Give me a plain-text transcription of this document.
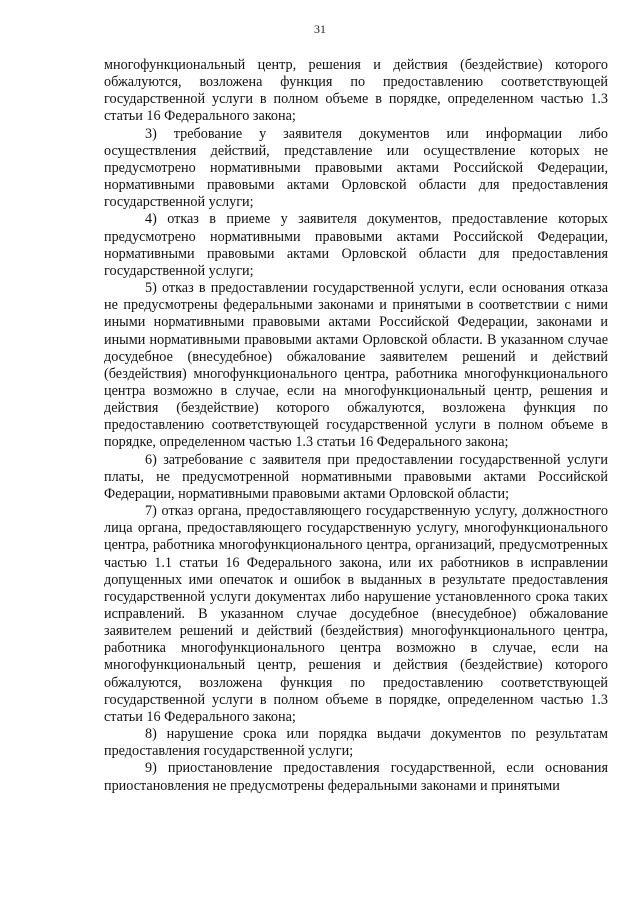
31

многофункциональный центр, решения и действия (бездействие) которого обжалуются, возложена функция по предоставлению соответствующей государственной услуги в полном объеме в порядке, определенном частью 1.3 статьи 16 Федерального закона;

3) требование у заявителя документов или информации либо осуществления действий, представление или осуществление которых не предусмотрено нормативными правовыми актами Российской Федерации, нормативными правовыми актами Орловской области для предоставления государственной услуги;

4) отказ в приеме у заявителя документов, предоставление которых предусмотрено нормативными правовыми актами Российской Федерации, нормативными правовыми актами Орловской области для предоставления государственной услуги;

5) отказ в предоставлении государственной услуги, если основания отказа не предусмотрены федеральными законами и принятыми в соответствии с ними иными нормативными правовыми актами Российской Федерации, законами и иными нормативными правовыми актами Орловской области. В указанном случае досудебное (внесудебное) обжалование заявителем решений и действий (бездействия) многофункционального центра, работника многофункционального центра возможно в случае, если на многофункциональный центр, решения и действия (бездействие) которого обжалуются, возложена функция по предоставлению соответствующей государственной услуги в полном объеме в порядке, определенном частью 1.3 статьи 16 Федерального закона;

6) затребование с заявителя при предоставлении государственной услуги платы, не предусмотренной нормативными правовыми актами Российской Федерации, нормативными правовыми актами Орловской области;

7) отказ органа, предоставляющего государственную услугу, должностного лица органа, предоставляющего государственную услугу, многофункционального центра, работника многофункционального центра, организаций, предусмотренных частью 1.1 статьи 16 Федерального закона, или их работников в исправлении допущенных ими опечаток и ошибок в выданных в результате предоставления государственной услуги документах либо нарушение установленного срока таких исправлений. В указанном случае досудебное (внесудебное) обжалование заявителем решений и действий (бездействия) многофункционального центра, работника многофункционального центра возможно в случае, если на многофункциональный центр, решения и действия (бездействие) которого обжалуются, возложена функция по предоставлению соответствующей государственной услуги в полном объеме в порядке, определенном частью 1.3 статьи 16 Федерального закона;

8) нарушение срока или порядка выдачи документов по результатам предоставления государственной услуги;

9) приостановление предоставления государственной, если основания приостановления не предусмотрены федеральными законами и принятыми
